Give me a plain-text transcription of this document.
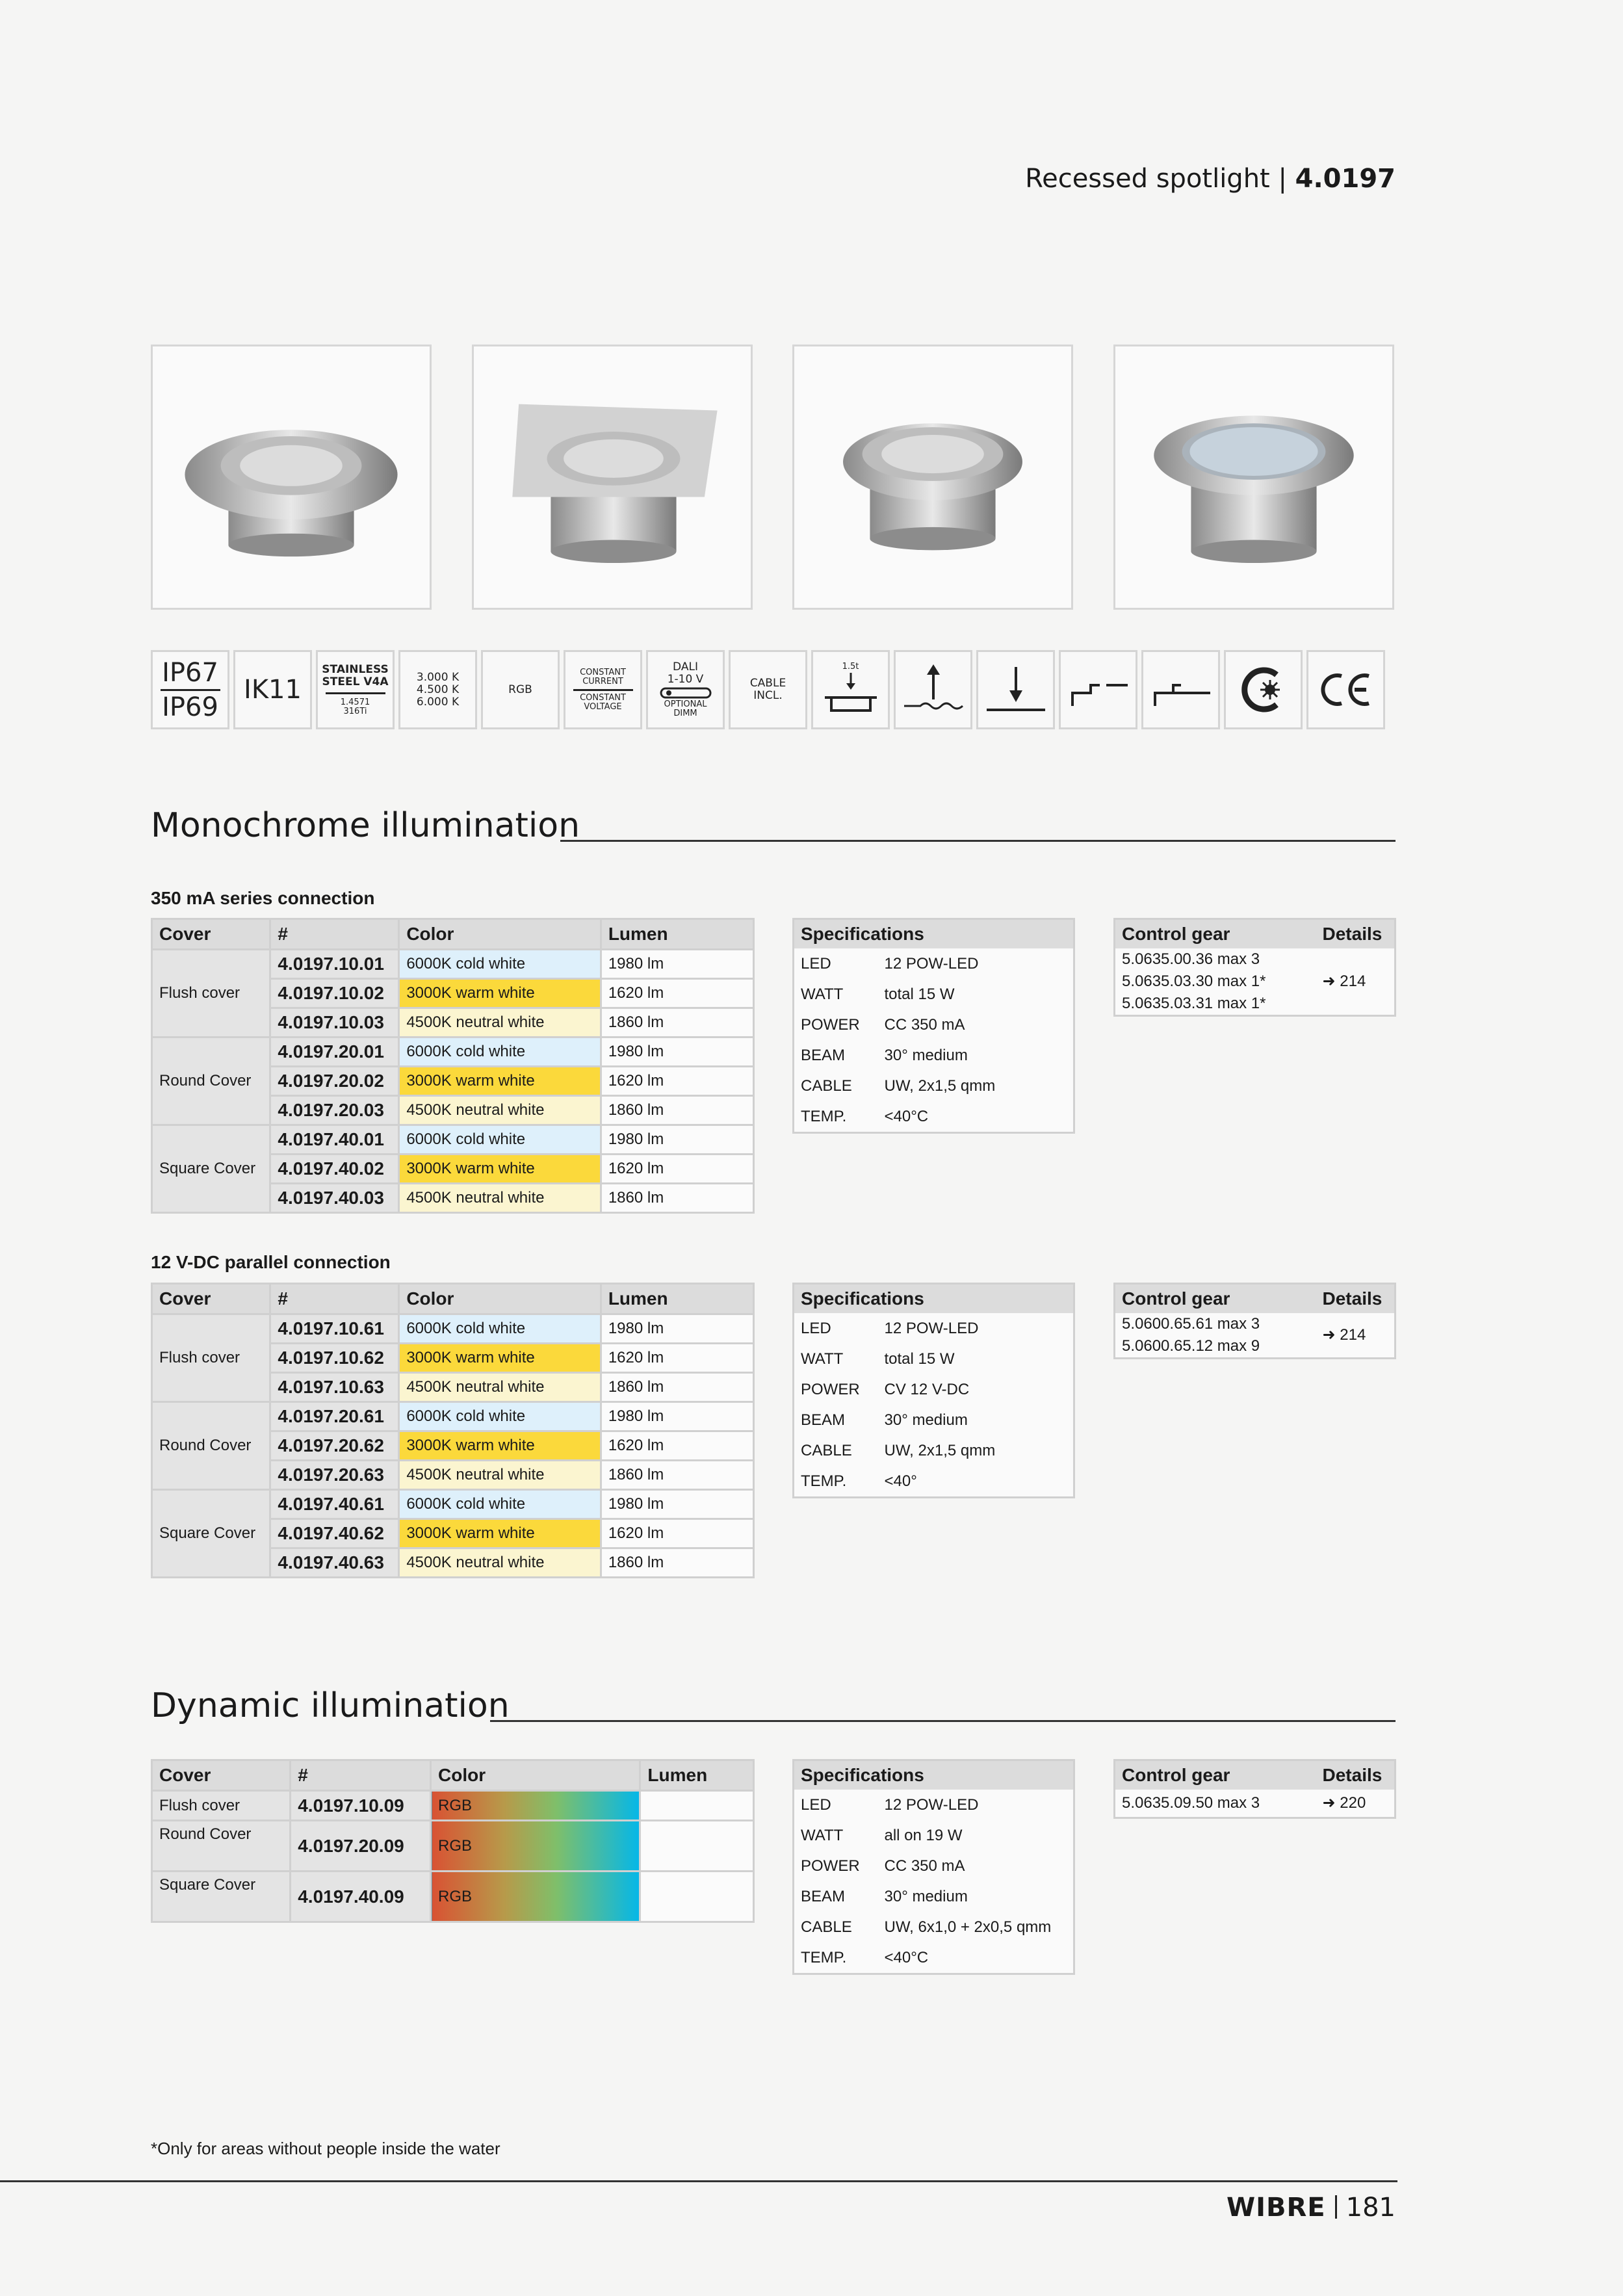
Recessed spotlight | 4.0197
IP67
IP69
IK11
STAINLESS
STEEL V4A
1.4571
316Ti
3.000 K
4.500 K
6.000 K
RGB
CONSTANT
CURRENT
CONSTANT
VOLTAGE
DALI
1-10 V
OPTIONAL
DIMM
CABLE
INCL.
1.5t
Monochrome illumination
350 mA series connection
Cover	#	Color	Lumen
Flush cover	4.0197.10.01	6000K cold white	1980 lm
	4.0197.10.02	3000K warm white	1620 lm
	4.0197.10.03	4500K neutral white	1860 lm
Round Cover	4.0197.20.01	6000K cold white	1980 lm
	4.0197.20.02	3000K warm white	1620 lm
	4.0197.20.03	4500K neutral white	1860 lm
Square Cover	4.0197.40.01	6000K cold white	1980 lm
	4.0197.40.02	3000K warm white	1620 lm
	4.0197.40.03	4500K neutral white	1860 lm
Specifications	
LED	12 POW-LED
WATT	total 15 W
POWER	CC 350 mA
BEAM	30° medium
CABLE	UW, 2x1,5 qmm
TEMP.	<40°C
Control gear	Details

5.0635.00.36 max 3
5.0635.03.30 max 1*
5.0635.03.31 max 1*	➜ 214
12 V-DC parallel connection
Cover	#	Color	Lumen
Flush cover	4.0197.10.61	6000K cold white	1980 lm
	4.0197.10.62	3000K warm white	1620 lm
	4.0197.10.63	4500K neutral white	1860 lm
Round Cover	4.0197.20.61	6000K cold white	1980 lm
	4.0197.20.62	3000K warm white	1620 lm
	4.0197.20.63	4500K neutral white	1860 lm
Square Cover	4.0197.40.61	6000K cold white	1980 lm
	4.0197.40.62	3000K warm white	1620 lm
	4.0197.40.63	4500K neutral white	1860 lm
Specifications	
LED	12 POW-LED
WATT	total 15 W
POWER	CV 12 V-DC
BEAM	30° medium
CABLE	UW, 2x1,5 qmm
TEMP.	<40°
Control gear	Details

5.0600.65.61 max 3
5.0600.65.12 max 9	➜ 214
Dynamic illumination
Cover	#	Color	Lumen
Flush cover	4.0197.10.09	RGB	
Round Cover	4.0197.20.09	RGB	
Square Cover	4.0197.40.09	RGB	
Specifications	
LED	12 POW-LED
WATT	all on 19 W
POWER	CC 350 mA
BEAM	30° medium
CABLE	UW, 6x1,0 + 2x0,5 qmm
TEMP.	<40°C
Control gear	Details
5.0635.09.50 max 3	➜ 220
*Only for areas without people inside the water
WIBRE 181
